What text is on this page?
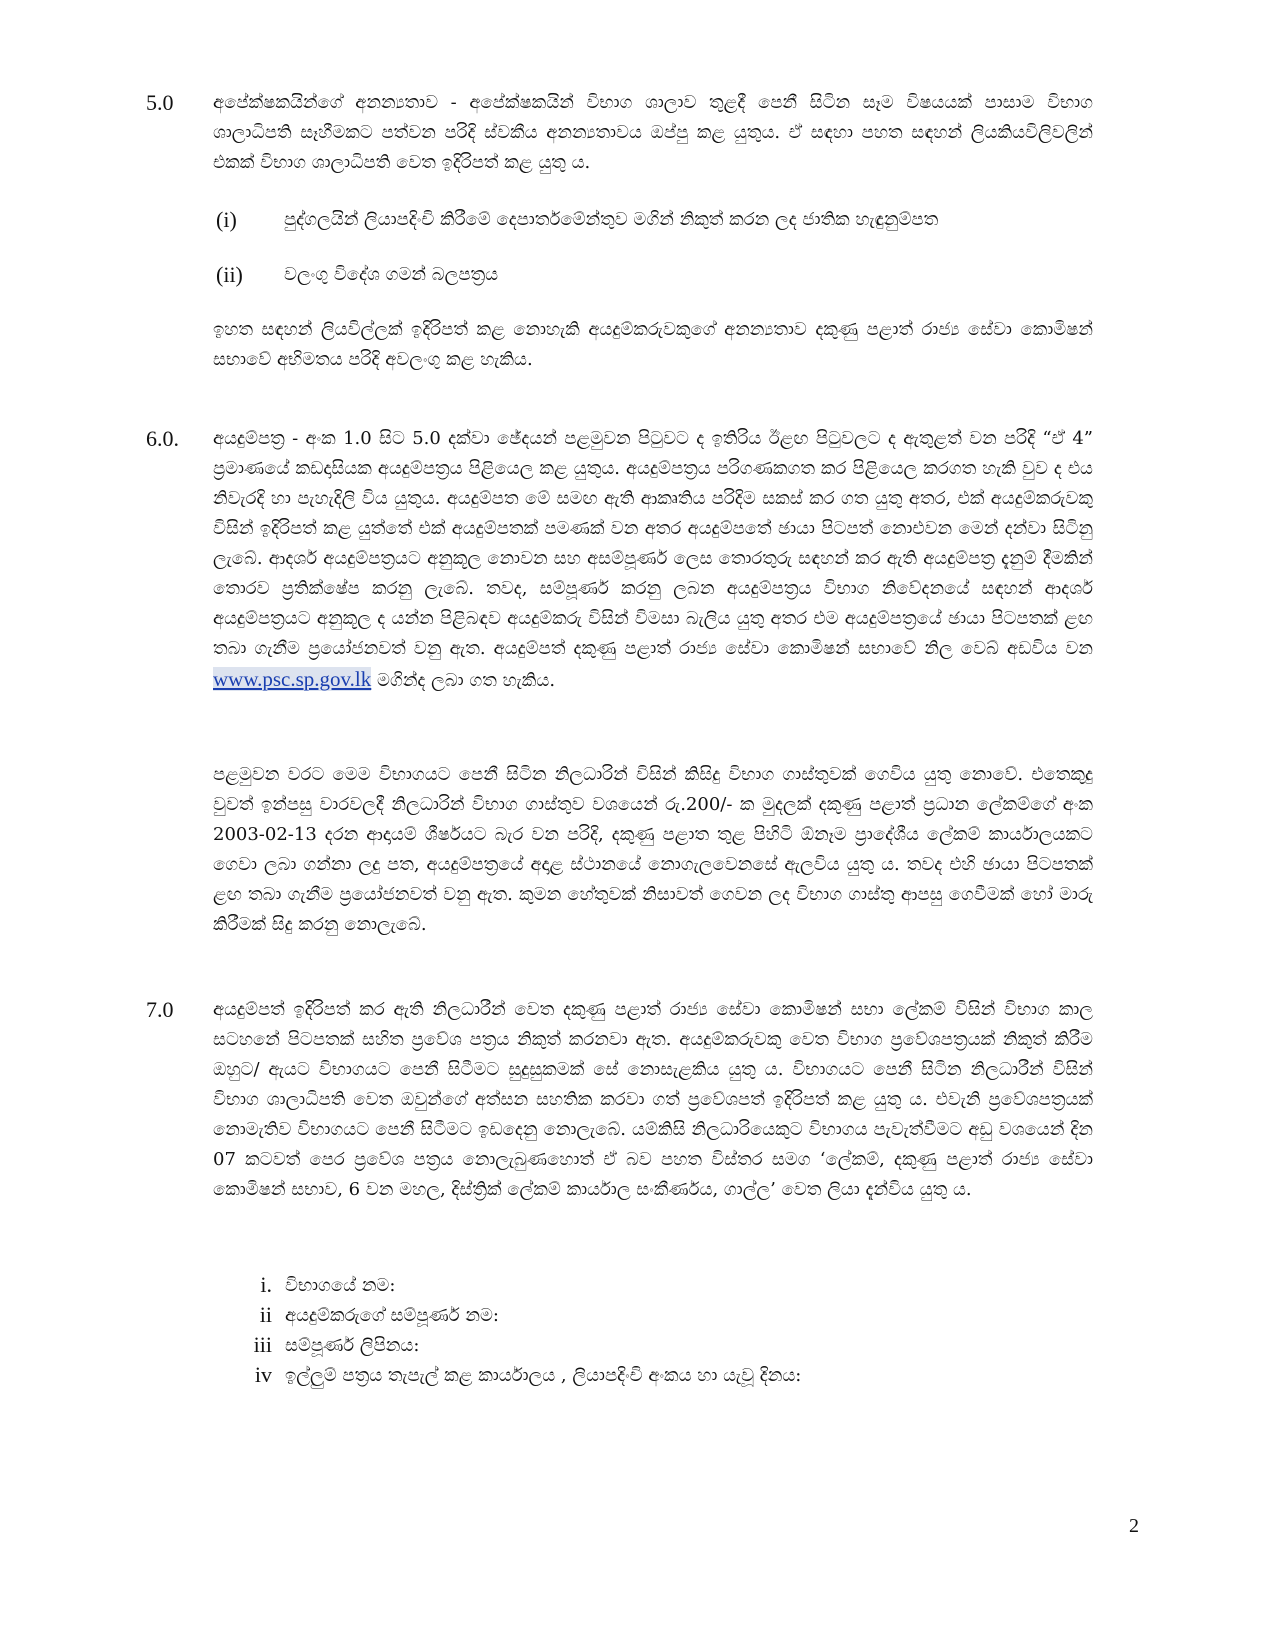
5.0 අපේක්ෂකයින්ගේ අනන්‍යතාව - අපේක්ෂකයින් විභාග ශාලාව තුළදී පෙනී සිටින සෑම විෂයයක් පාසාම විභාග ශාලාධිපති සෑහීමකට පත්වන පරිදි ස්වකීය අනන්‍යතාවය ඔප්පු කළ යුතුය. ඒ සඳහා පහත සඳහන් ලියකියවිලිවලින් එකක් විභාග ශාලාධිපති වෙත ඉදිරිපත් කළ යුතු ය.

(i)	පුද්ගලයින් ලියාපදිංචි කිරීමේ දෙපාර්තමේන්තුව මගින් නිකුත් කරන ලද ජාතික හැඳුනුම්පත

(ii) වලංගු විදේශ ගමන් බලපත්‍රය

ඉහත සඳහන් ලියවිල්ලක් ඉදිරිපත් කළ නොහැකි අයදුම්කරුවකුගේ අනන්‍යතාව දකුණු පළාත් රාජ්‍ය සේවා කොමිෂන් සභාවේ අභිමතය පරිදි අවලංගු කළ හැකිය.

6.0. අයදුම්පත්‍ර - අංක 1.0 සිට 5.0 දක්වා ඡේදයන් පළමුවන පිටුවට ද ඉතිරිය ඊළඟ පිටුවලට ද ඇතුළත් වන පරිදි “ඒ 4” ප්‍රමාණයේ කඩදාසියක අයදුම්පත්‍රය පිළියෙල කළ යුතුය. අයදුම්පත්‍රය පරිගණකගත කර පිළියෙල කරගත හැකි වුව ද එය නිවැරදි හා පැහැදිලි විය යුතුය. අයදුම්පත මේ සමඟ ඇති ආකෘතිය පරිදිම සකස් කර ගත යුතු අතර, එක් අයදුම්කරුවකු විසින් ඉදිරිපත් කළ යුත්තේ එක් අයදුම්පතක් පමණක් වන අතර අයදුම්පතේ ඡායා පිටපත් නොඑවන මෙන් දන්වා සිටිනු ලැබේ. ආදර්ශ අයදුම්පත්‍රයට අනුකූල නොවන සහ අසම්පූර්ණ ලෙස තොරතුරු සඳහන් කර ඇති අයදුම්පත්‍ර දැනුම් දීමකින් තොරව ප්‍රතික්ෂේප කරනු ලැබේ. තවද, සම්පූර්ණ කරනු ලබන අයදුම්පත්‍රය විභාග නිවේදනයේ සඳහන් ආදර්ශ අයදුම්පත්‍රයට අනුකූල ද යන්න පිළිබඳව අයදුම්කරු විසින් විමසා බැලිය යුතු අතර එම අයදුම්පත්‍රයේ ඡායා පිටපතක් ළඟ තබා ගැනීම ප්‍රයෝජනවත් වනු ඇත. අයදුම්පත් දකුණු පළාත් රාජ්‍ය සේවා කොමිෂන් සභාවේ නිල වෙබ් අඩවිය වන www.psc.sp.gov.lk මගින්ද ලබා ගත හැකිය.

පළමුවන වරට මෙම විභාගයට පෙනී සිටින නිලධාරින් විසින් කිසිදු විභාග ගාස්තුවක් ගෙවිය යුතු නොවේ. එතෙකුදු වුවත් ඉන්පසු වාරවලදී නිලධාරින් විභාග ගාස්තුව වශයෙන් රු.200/- ක මුදලක් දකුණු පළාත් ප්‍රධාන ලේකම්ගේ අංක 2003-02-13 දරන ආදායම් ශීර්ෂයට බැර වන පරිදි, දකුණු පළාත තුළ පිහිටි ඕනෑම ප්‍රාදේශීය ලේකම් කාර්යාලයකට ගෙවා ලබා ගන්නා ලදු පත, අයදුම්පත්‍රයේ අදාළ ස්ථානයේ නොගැලවෙනසේ ඇලවිය යුතු ය. තවද එහි ඡායා පිටපතක් ළඟ තබා ගැනීම ප්‍රයෝජනවත් වනු ඇත. කුමන හේතුවක් නිසාවත් ගෙවන ලද විභාග ගාස්තු ආපසු ගෙවීමක් හෝ මාරු කිරීමක් සිදු කරනු නොලැබේ.

7.0 අයදුම්පත් ඉදිරිපත් කර ඇති නිලධාරීන් වෙත දකුණු පළාත් රාජ්‍ය සේවා කොමිෂන් සභා ලේකම් විසින් විභාග කාල සටහනේ පිටපතක් සහිත ප්‍රවේශ පත්‍රය නිකුත් කරනවා ඇත. අයදුම්කරුවකු වෙත විභාග ප්‍රවේශපත්‍රයක් නිකුත් කිරීම ඔහුට/ ඇයට විභාගයට පෙනී සිටීමට සුදුසුකමක් සේ නොසැළකිය යුතු ය. විභාගයට පෙනී සිටින නිලධාරීන් විසින් විභාග ශාලාධිපති වෙත ඔවුන්ගේ අත්සන සහතික කරවා ගත් ප්‍රවේශපත් ඉදිරිපත් කළ යුතු ය. එවැනි ප්‍රවේශපත්‍රයක් නොමැතිව විභාගයට පෙනී සිටීමට ඉඩදෙනු නොලැබේ. යම්කිසි නිලධාරියෙකුට විභාගය පැවැත්වීමට අඩු වශයෙන් දින 07 කටවත් පෙර ප්‍රවේශ පත්‍රය නොලැබුණහොත් ඒ බව පහත විස්තර සමග ‘ලේකම්, දකුණු පළාත් රාජ්‍ය සේවා කොමිෂන් සභාව, 6 වන මහල, දිස්ත්‍රික් ලේකම් කාර්යාල සංකීර්ණය, ගාල්ල’ වෙත ලියා දැන්විය යුතු ය.

i. විභාගයේ නම:

ii අයදුම්කරුගේ සම්පූර්ණ නම:

iii සම්පූර්ණ ලිපිනය:

iv ඉල්ලුම් පත්‍රය තැපැල් කළ කාර්යාලය , ලියාපදිංචි අංකය හා යැවූ දිනය:

2
